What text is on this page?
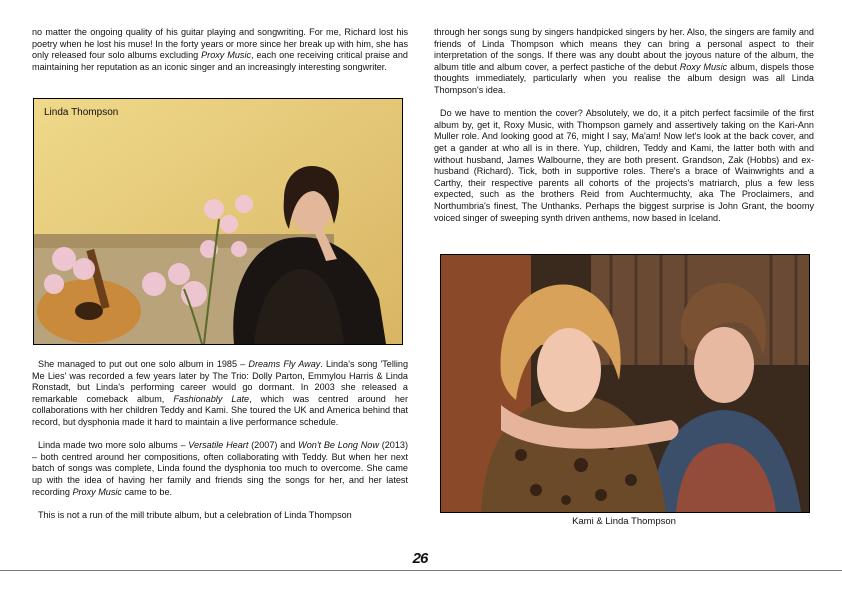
no matter the ongoing quality of his guitar playing and songwriting. For me, Richard lost his poetry when he lost his muse! In the forty years or more since her break up with him, she has only released four solo albums excluding Proxy Music, each one receiving critical praise and maintaining her reputation as an iconic singer and an increasingly interesting songwriter.

Linda Thompson

She managed to put out one solo album in 1985 – Dreams Fly Away. Linda's song 'Telling Me Lies' was recorded a few years later by The Trio: Dolly Parton, Emmylou Harris & Linda Ronstadt, but Linda's performing career would go dormant. In 2003 she released a remarkable comeback album, Fashionably Late, which was centred around her collaborations with her children Teddy and Kami. She toured the UK and America behind that record, but dysphonia made it hard to maintain a live performance schedule.

Linda made two more solo albums – Versatile Heart (2007) and Won't Be Long Now (2013) – both centred around her compositions, often collaborating with Teddy. But when her next batch of songs was complete, Linda found the dysphonia too much to overcome. She came up with the idea of having her family and friends sing the songs for her, and her latest recording Proxy Music came to be.

This is not a run of the mill tribute album, but a celebration of Linda Thompson

through her songs sung by singers handpicked singers by her. Also, the singers are family and friends of Linda Thompson which means they can bring a personal aspect to their interpretation of the songs. If there was any doubt about the joyous nature of the album, the album title and album cover, a perfect pastiche of the debut Roxy Music album, dispels those thoughts immediately, particularly when you realise the album design was all Linda Thompson's idea.

Do we have to mention the cover? Absolutely, we do, it a pitch perfect facsimile of the first album by, get it, Roxy Music, with Thompson gamely and assertively taking on the Kari-Ann Muller role. And looking good at 76, might I say, Ma'am! Now let's look at the back cover, and get a gander at who all is in there. Yup, children, Teddy and Kami, the latter both with and without husband, James Walbourne, they are both present. Grandson, Zak (Hobbs) and ex-husband (Richard). Tick, both in supportive roles. There's a brace of Wainwrights and a Carthy, their respective parents all cohorts of the projects's matriarch, plus a few less expected, such as the brothers Reid from Auchtermuchty, aka The Proclaimers, and Northumbria's finest, The Unthanks. Perhaps the biggest surprise is John Grant, the boomy voiced singer of sweeping synth driven anthems, now based in Iceland.

Kami & Linda Thompson
26
